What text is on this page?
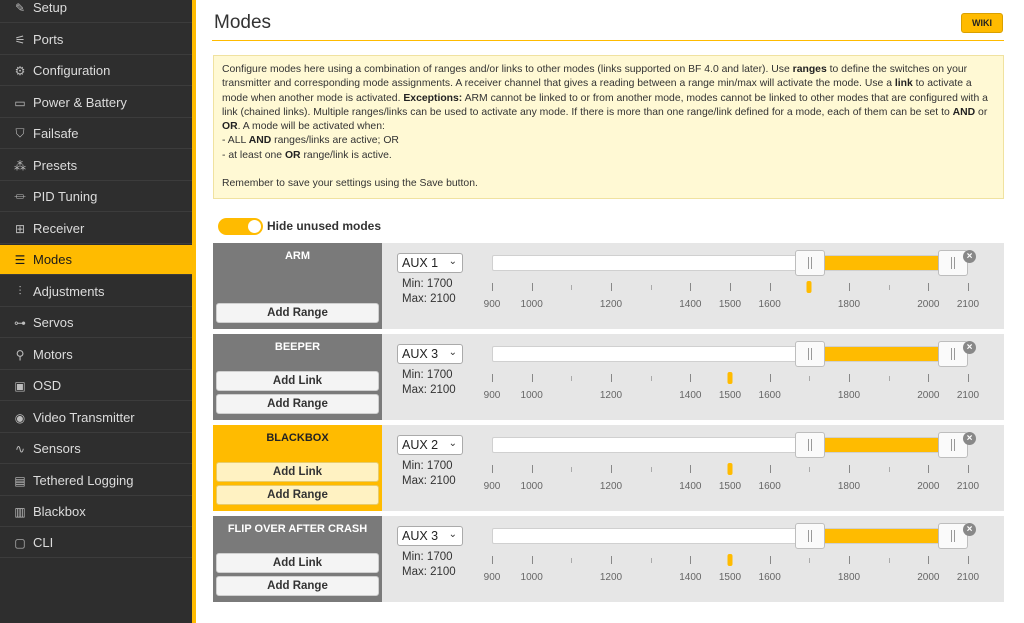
✎ Setup
⚟ Ports
⚙ Configuration
▭ Power & Battery
⛉ Failsafe
⁂ Presets
⏛ PID Tuning
⊞ Receiver
☰ Modes
⫶ Adjustments
⊶ Servos
⚲ Motors
▣ OSD
◉ Video Transmitter
∿ Sensors
▤ Tethered Logging
▥ Blackbox
▢ CLI
Modes	WIKI
Configure modes here using a combination of ranges and/or links to other modes (links supported on BF 4.0 and later). Use ranges to define the switches on your transmitter and corresponding mode assignments. A receiver channel that gives a reading between a range min/max will activate the mode. Use a link to activate a mode when another mode is activated. Exceptions: ARM cannot be linked to or from another mode, modes cannot be linked to other modes that are configured with a link (chained links). Multiple ranges/links can be used to activate any mode. If there is more than one range/link defined for a mode, each of them can be set to AND or OR. A mode will be activated when:
- ALL AND ranges/links are active; OR
- at least one OR range/link is active.
Remember to save your settings using the Save button.
Hide unused modes
ARM
Add Range
AUX 1 ⌄
Min: 1700
Max: 2100
×
900 1000	1200	1400 1500 1600	1800	2000 2100
BEEPER
Add Link
Add Range
AUX 3 ⌄
Min: 1700
Max: 2100
×
900 1000	1200	1400 1500 1600	1800	2000 2100
BLACKBOX
Add Link
Add Range
AUX 2 ⌄
Min: 1700
Max: 2100
×
900 1000	1200	1400 1500 1600	1800	2000 2100
FLIP OVER AFTER CRASH
Add Link
Add Range
AUX 3 ⌄
Min: 1700
Max: 2100
×
900 1000	1200	1400 1500 1600	1800	2000 2100
